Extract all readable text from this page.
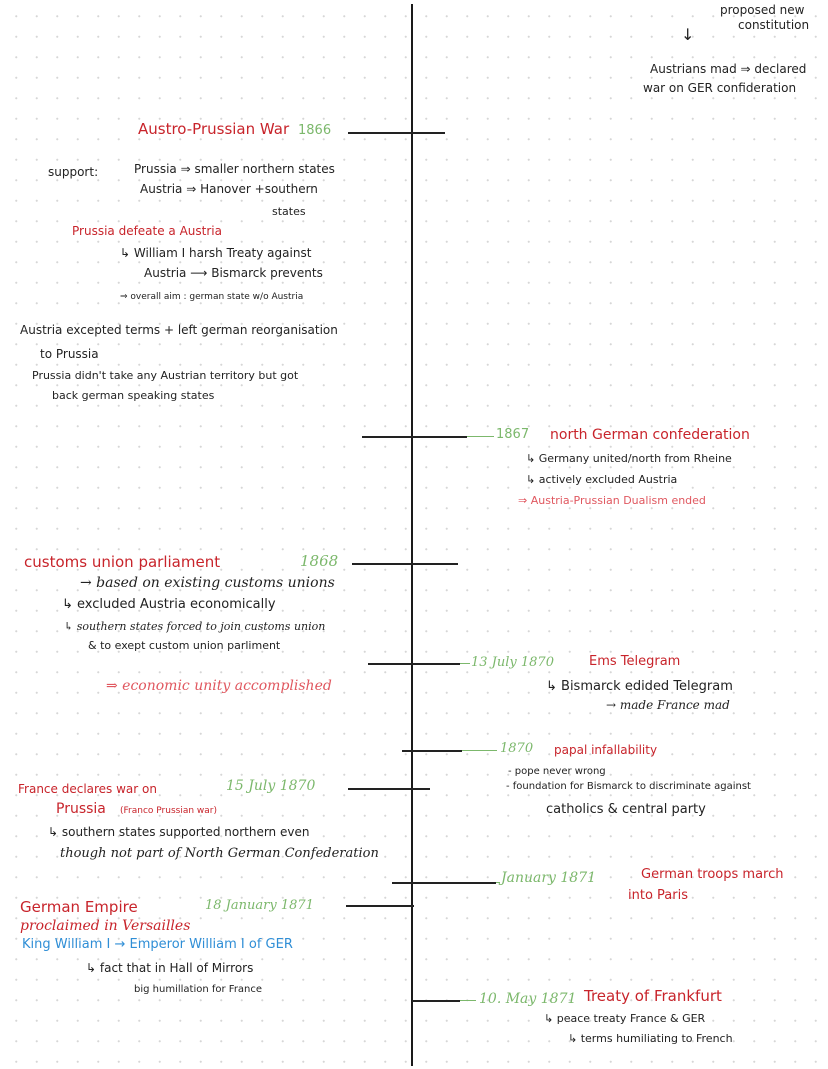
proposed new
constitution
↓
Austrians mad ⇒ declared
war on GER confideration
Austro-Prussian War 1866
support:	Prussia ⇒ smaller northern states
Austria ⇒ Hanover +southern
states
Prussia defeate a Austria
↳ William I harsh Treaty against
Austria ⟶ Bismarck prevents
⇒ overall aim : german state w/o Austria
Austria excepted terms + left german reorganisation
to Prussia
Prussia didn't take any Austrian territory but got
back german speaking states
1867 north German confederation
↳ Germany united/north from Rheine
↳ actively excluded Austria
⇒ Austria-Prussian Dualism ended
customs union parliament	1868
→ based on existing customs unions
↳ excluded Austria economically
↳ southern states forced to join customs union
& to exept custom union parliment
⇒ economic unity accomplished
13 July 1870	Ems Telegram
↳ Bismarck edided Telegram
→ made France mad
1870 papal infallability
- pope never wrong
- foundation for Bismarck to discriminate against
catholics & central party
France declares war on	15 July 1870
Prussia (Franco Prussian war)
↳ southern states supported northern even
though not part of North German Confederation
January 1871	German troops march
into Paris
German Empire	18 January 1871
proclaimed in Versailles
King William I → Emperor William I of GER
↳ fact that in Hall of Mirrors
big humillation for France
10. May 1871 Treaty of Frankfurt
↳ peace treaty France & GER
↳ terms humiliating to French
